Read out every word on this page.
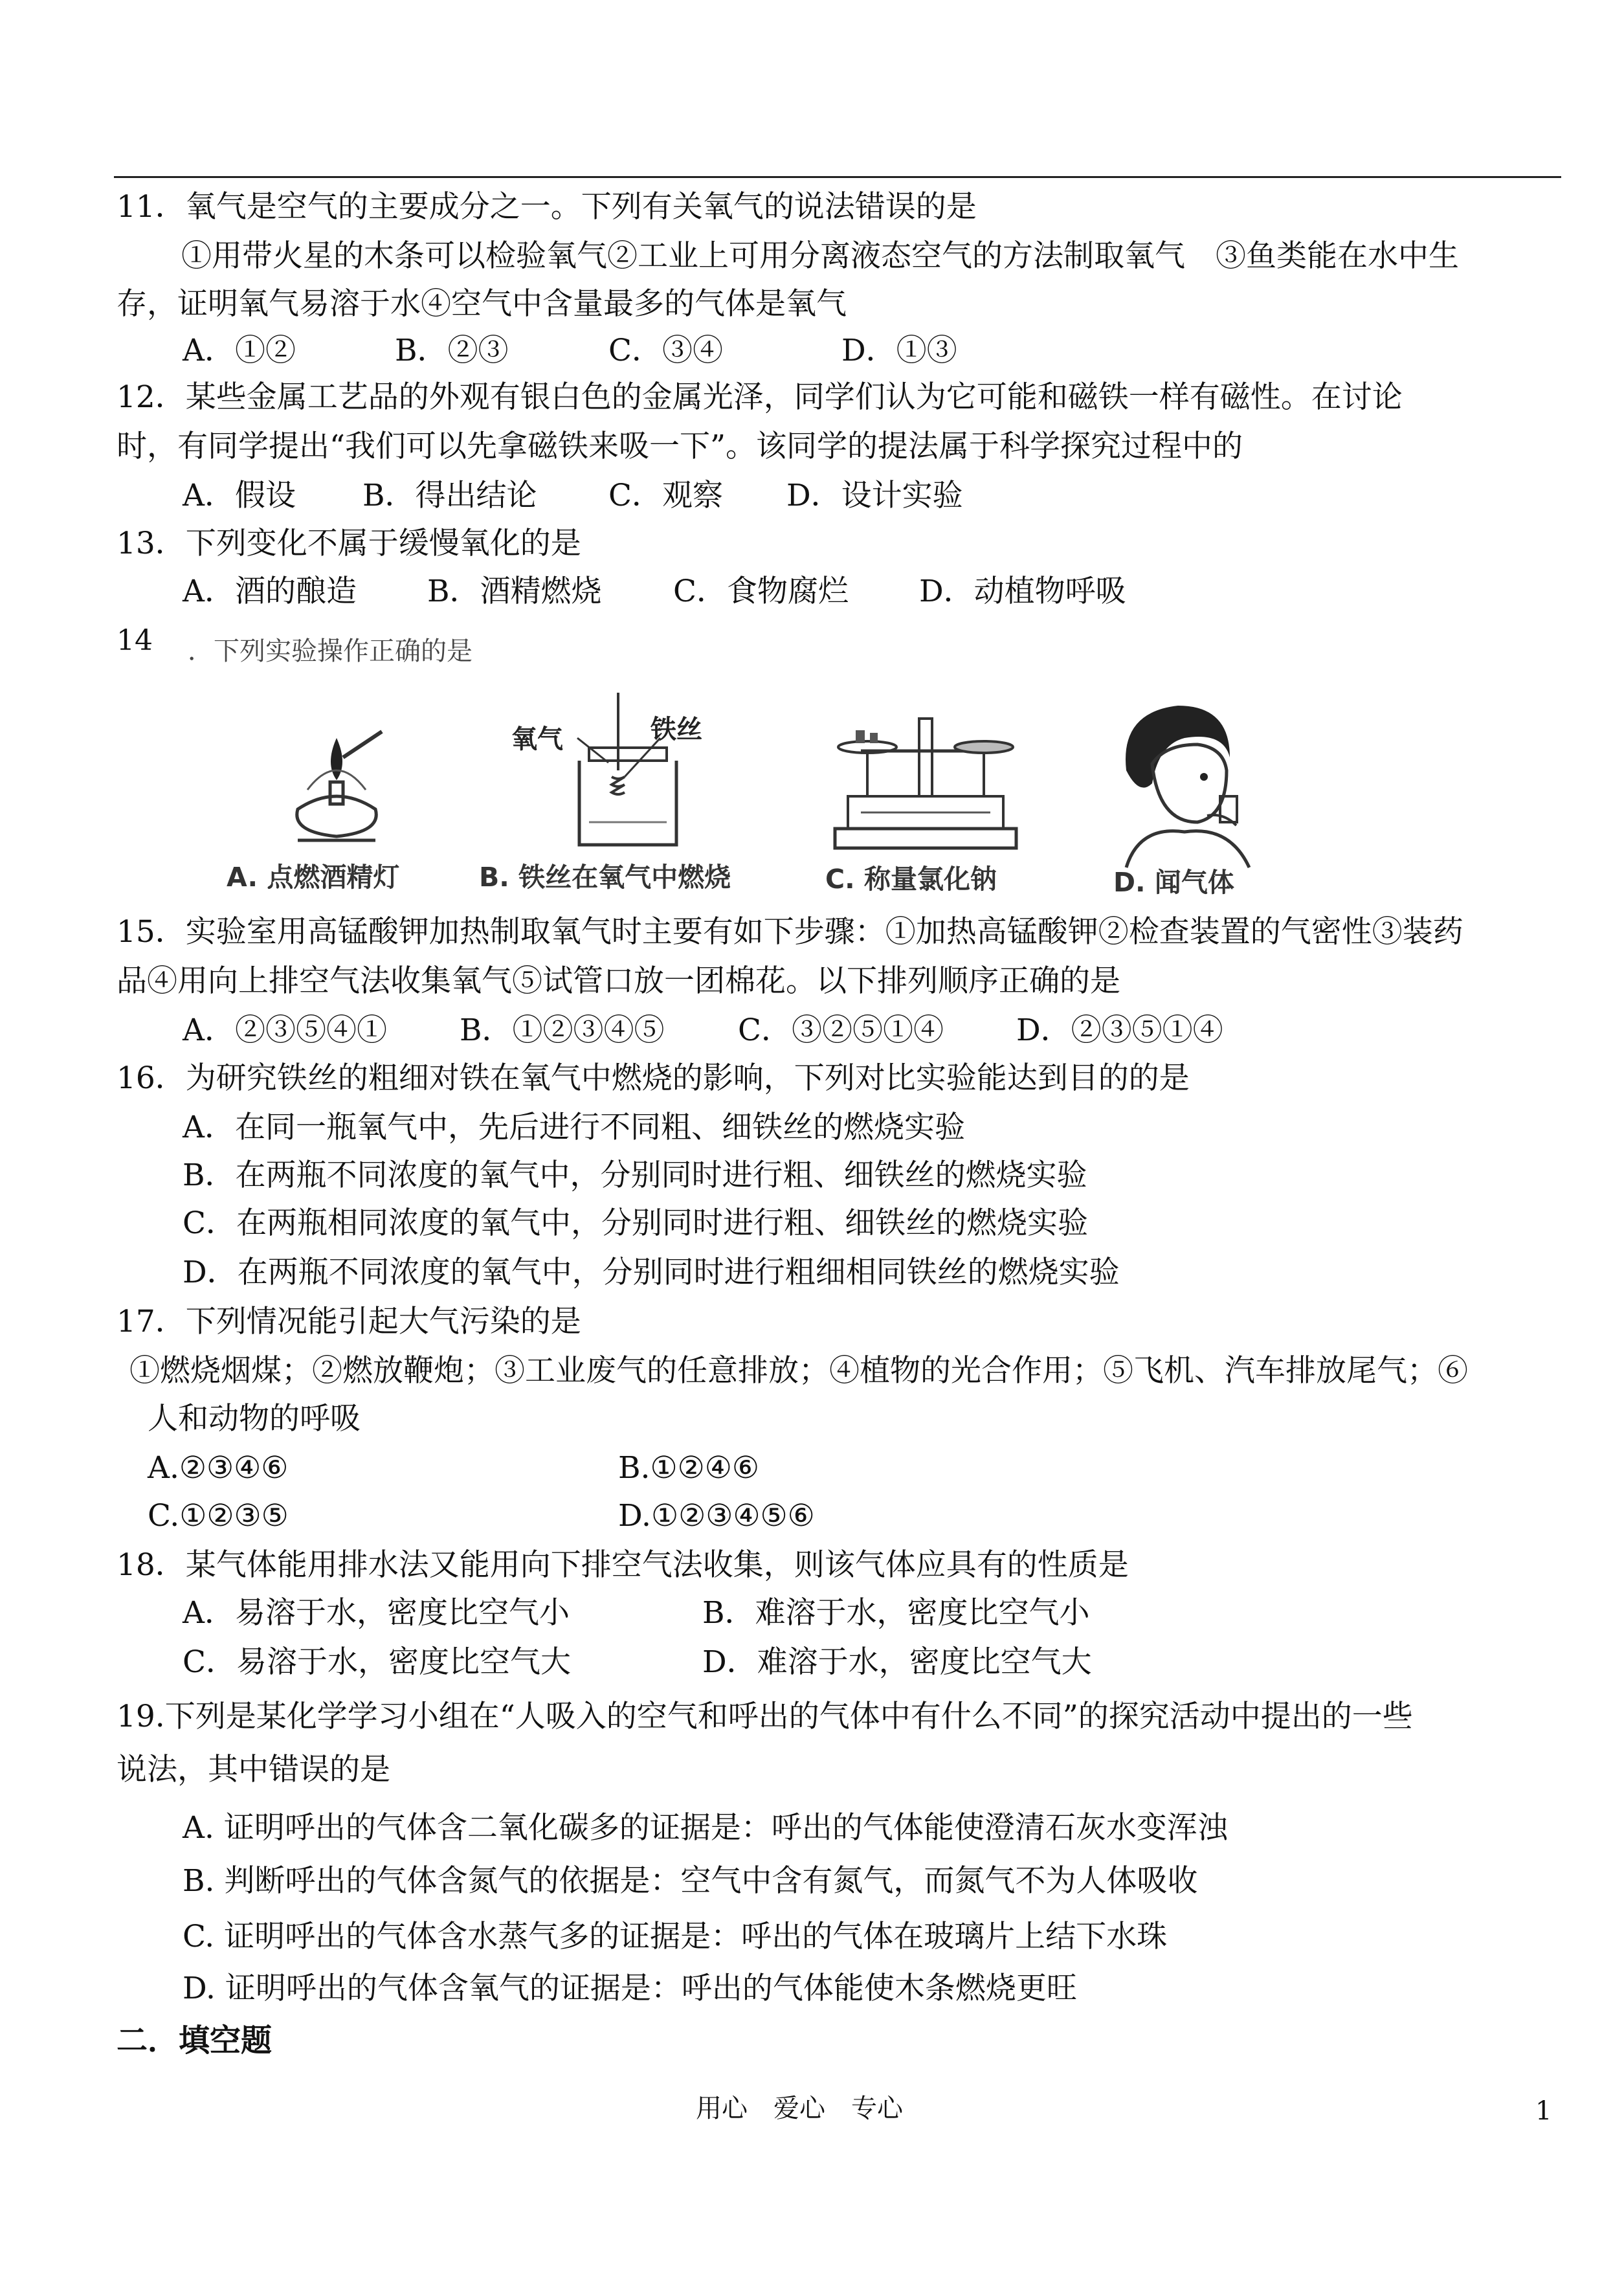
11．氧气是空气的主要成分之一。下列有关氧气的说法错误的是
①用带火星的木条可以检验氧气②工业上可用分离液态空气的方法制取氧气　③鱼类能在水中生
存，证明氧气易溶于水④空气中含量最多的气体是氧气
A．①②	B．②③	C．③④	D．①③
12．某些金属工艺品的外观有银白色的金属光泽，同学们认为它可能和磁铁一样有磁性。在讨论
时，有同学提出“我们可以先拿磁铁来吸一下”。该同学的提法属于科学探究过程中的
A．假设 B．得出结论 C．观察 D．设计实验
13．下列变化不属于缓慢氧化的是
A．酒的酿造 B．酒精燃烧 C．食物腐烂 D．动植物呼吸
14 ．下列实验操作正确的是
A. 点燃酒精灯
氧气	铁丝
B. 铁丝在氧气中燃烧	C. 称量氯化钠	D. 闻气体
15．实验室用高锰酸钾加热制取氧气时主要有如下步骤：①加热高锰酸钾②检查装置的气密性③装药
品④用向上排空气法收集氧气⑤试管口放一团棉花。以下排列顺序正确的是
A．②③⑤④① B．①②③④⑤ C．③②⑤①④ D．②③⑤①④
16．为研究铁丝的粗细对铁在氧气中燃烧的影响，下列对比实验能达到目的的是
A．在同一瓶氧气中，先后进行不同粗、细铁丝的燃烧实验
B．在两瓶不同浓度的氧气中，分别同时进行粗、细铁丝的燃烧实验
C．在两瓶相同浓度的氧气中，分别同时进行粗、细铁丝的燃烧实验
D．在两瓶不同浓度的氧气中，分别同时进行粗细相同铁丝的燃烧实验
17．下列情况能引起大气污染的是
①燃烧烟煤；②燃放鞭炮；③工业废气的任意排放；④植物的光合作用；⑤飞机、汽车排放尾气；⑥
人和动物的呼吸
A.②③④⑥	B.①②④⑥
C.①②③⑤	D.①②③④⑤⑥
18．某气体能用排水法又能用向下排空气法收集，则该气体应具有的性质是
A．易溶于水，密度比空气小	B．难溶于水，密度比空气小
C．易溶于水，密度比空气大	D．难溶于水，密度比空气大
19.下列是某化学学习小组在“人吸入的空气和呼出的气体中有什么不同”的探究活动中提出的一些
说法，其中错误的是
A. 证明呼出的气体含二氧化碳多的证据是：呼出的气体能使澄清石灰水变浑浊
B. 判断呼出的气体含氮气的依据是：空气中含有氮气，而氮气不为人体吸收
C. 证明呼出的气体含水蒸气多的证据是：呼出的气体在玻璃片上结下水珠
D. 证明呼出的气体含氧气的证据是：呼出的气体能使木条燃烧更旺
二．填空题
用心　爱心　专心	1
